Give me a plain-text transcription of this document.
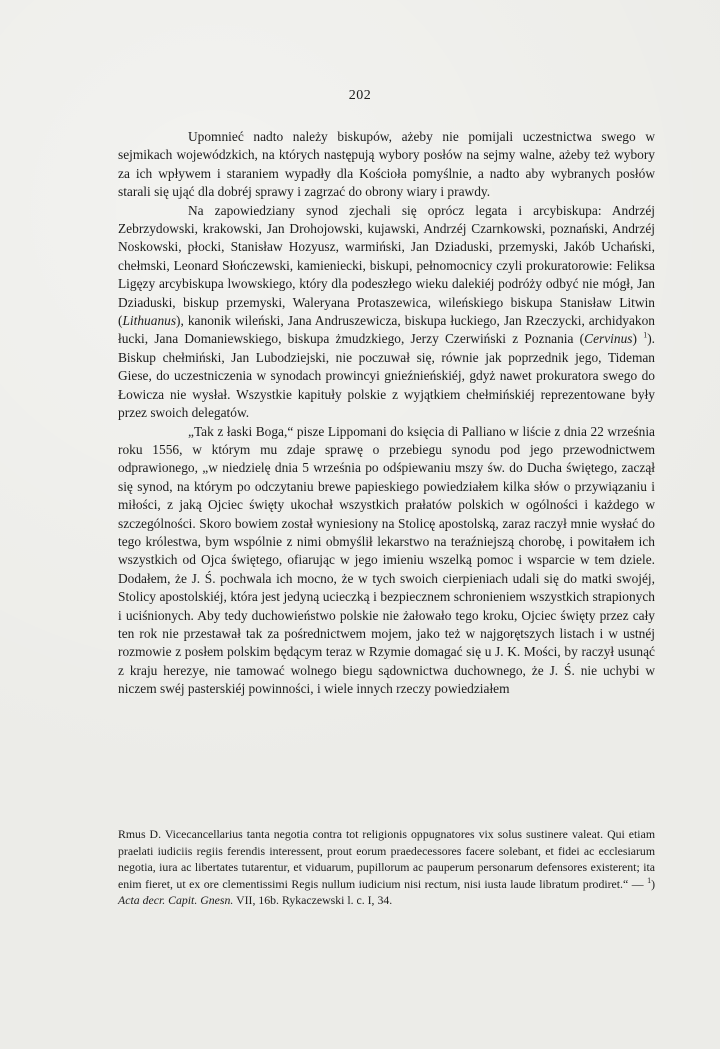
202

Upomnieć nadto należy biskupów, ażeby nie pomijali uczestnictwa swego w sejmikach wojewódzkich, na których następują wybory posłów na sejmy walne, ażeby też wybory za ich wpływem i staraniem wypadły dla Kościoła pomyślnie, a nadto aby wybranych posłów starali się ująć dla dobréj sprawy i zagrzać do obrony wiary i prawdy.

Na zapowiedziany synod zjechali się oprócz legata i arcybiskupa: Andrzéj Zebrzydowski, krakowski, Jan Drohojowski, kujawski, Andrzéj Czarnkowski, poznański, Andrzéj Noskowski, płocki, Stanisław Hozyusz, warmiński, Jan Dziaduski, przemyski, Jakób Uchański, chełmski, Leonard Słończewski, kamieniecki, biskupi, pełnomocnicy czyli prokuratorowie: Feliksa Ligęzy arcybiskupa lwowskiego, który dla podeszłego wieku dalekiéj podróży odbyć nie mógł, Jan Dziaduski, biskup przemyski, Waleryana Protaszewica, wileńskiego biskupa Stanisław Litwin (Lithuanus), kanonik wileński, Jana Andruszewicza, biskupa łuckiego, Jan Rzeczycki, archidyakon łucki, Jana Domaniewskiego, biskupa żmudzkiego, Jerzy Czerwiński z Poznania (Cervinus) $^1$). Biskup chełmiński, Jan Lubodziejski, nie poczuwał się, równie jak poprzednik jego, Tideman Giese, do uczestniczenia w synodach prowincyi gnieźnieńskiéj, gdyż nawet prokuratora swego do Łowicza nie wysłał. Wszystkie kapituły polskie z wyjątkiem chełmińskiéj reprezentowane były przez swoich delegatów.

„Tak z łaski Boga,“ pisze Lippomani do księcia di Palliano w liście z dnia 22 września roku 1556, w którym mu zdaje sprawę o przebiegu synodu pod jego przewodnictwem odprawionego, „w niedzielę dnia 5 września po odśpiewaniu mszy św. do Ducha świętego, zaczął się synod, na którym po odczytaniu brewe papieskiego powiedziałem kilka słów o przywiązaniu i miłości, z jaką Ojciec święty ukochał wszystkich prałatów polskich w ogólności i każdego w szczególności. Skoro bowiem został wyniesiony na Stolicę apostolską, zaraz raczył mnie wysłać do tego królestwa, bym wspólnie z nimi obmyślił lekarstwo na teraźniejszą chorobę, i powitałem ich wszystkich od Ojca świętego, ofiarując w jego imieniu wszelką pomoc i wsparcie w tem dziele. Dodałem, że J. Ś. pochwala ich mocno, że w tych swoich cierpieniach udali się do matki swojéj, Stolicy apostolskiéj, która jest jedyną ucieczką i bezpiecznem schronieniem wszystkich strapionych i uciśnionych. Aby tedy duchowieństwo polskie nie żałowało tego kroku, Ojciec święty przez cały ten rok nie przestawał tak za pośrednictwem mojem, jako też w najgorętszych listach i w ustnéj rozmowie z posłem polskim będącym teraz w Rzymie domagać się u J. K. Mości, by raczył usunąć z kraju herezye, nie tamować wolnego biegu sądownictwa duchownego, że J. Ś. nie uchybi w niczem swéj pasterskiéj powinności, i wiele innych rzeczy powiedziałem

Rmus D. Vicecancellarius tanta negotia contra tot religionis oppugnatores vix solus sustinere valeat. Qui etiam praelati iudiciis regiis ferendis interessent, prout eorum praedecessores facere solebant, et fidei ac ecclesiarum negotia, iura ac libertates tutarentur, et viduarum, pupillorum ac pauperum personarum defensores existerent; ita enim fieret, ut ex ore clementissimi Regis nullum iudicium nisi rectum, nisi iusta laude libratum prodiret.“ — $^1$) Acta decr. Capit. Gnesn. VII, 16b. Rykaczewski l. c. I, 34.
